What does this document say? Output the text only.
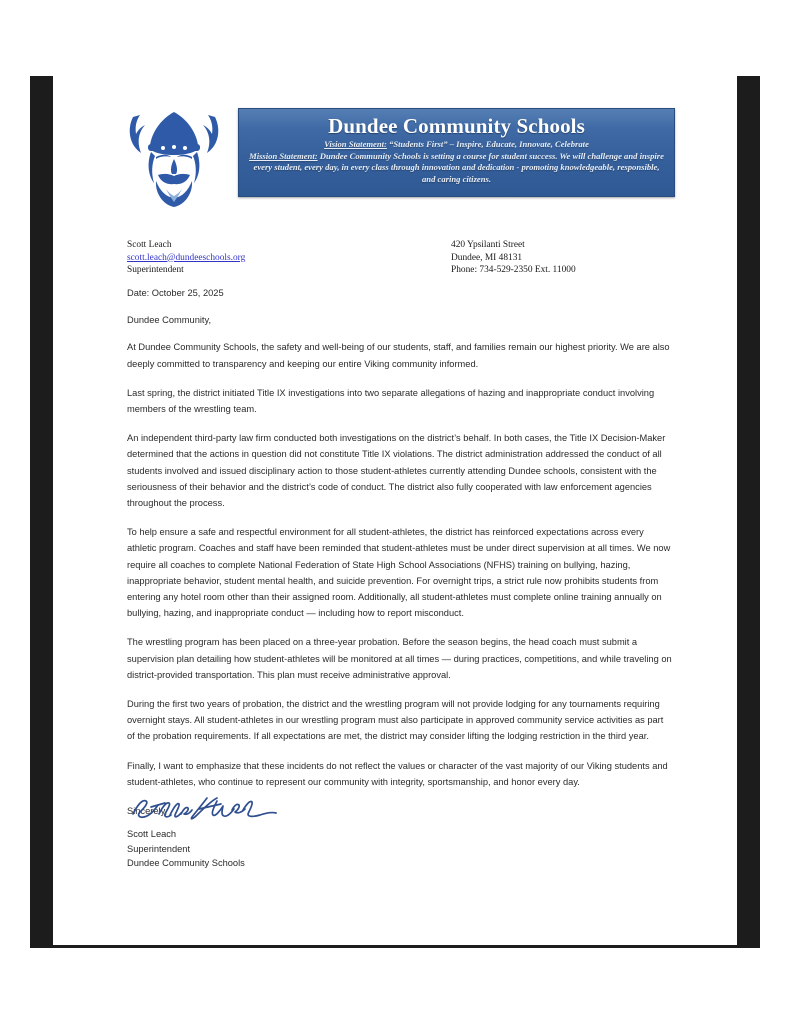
Dundee Community Schools
Vision Statement: “Students First” – Inspire, Educate, Innovate, Celebrate
Mission Statement: Dundee Community Schools is setting a course for student success. We will challenge and inspire every student, every day, in every class through innovation and dedication - promoting knowledgeable, responsible, and caring citizens.
Scott Leach
scott.leach@dundeeschools.org
Superintendent
420 Ypsilanti Street
Dundee, MI 48131
Phone: 734-529-2350 Ext. 11000

Date: October 25, 2025

Dundee Community,

At Dundee Community Schools, the safety and well-being of our students, staff, and families remain our highest priority. We are also deeply committed to transparency and keeping our entire Viking community informed.

Last spring, the district initiated Title IX investigations into two separate allegations of hazing and inappropriate conduct involving members of the wrestling team.

An independent third-party law firm conducted both investigations on the district’s behalf. In both cases, the Title IX Decision-Maker determined that the actions in question did not constitute Title IX violations. The district administration addressed the conduct of all students involved and issued disciplinary action to those student-athletes currently attending Dundee schools, consistent with the seriousness of their behavior and the district’s code of conduct. The district also fully cooperated with law enforcement agencies throughout the process.

To help ensure a safe and respectful environment for all student-athletes, the district has reinforced expectations across every athletic program. Coaches and staff have been reminded that student-athletes must be under direct supervision at all times. We now require all coaches to complete National Federation of State High School Associations (NFHS) training on bullying, hazing, inappropriate behavior, student mental health, and suicide prevention. For overnight trips, a strict rule now prohibits students from entering any hotel room other than their assigned room. Additionally, all student-athletes must complete online training annually on bullying, hazing, and inappropriate conduct — including how to report misconduct.

The wrestling program has been placed on a three-year probation. Before the season begins, the head coach must submit a supervision plan detailing how student-athletes will be monitored at all times — during practices, competitions, and while traveling on district-provided transportation. This plan must receive administrative approval.

During the first two years of probation, the district and the wrestling program will not provide lodging for any tournaments requiring overnight stays. All student-athletes in our wrestling program must also participate in approved community service activities as part of the probation requirements. If all expectations are met, the district may consider lifting the lodging restriction in the third year.

Finally, I want to emphasize that these incidents do not reflect the values or character of the vast majority of our Viking students and student-athletes, who continue to represent our community with integrity, sportsmanship, and honor every day.

Sincerely,

Scott Leach
Superintendent
Dundee Community Schools
